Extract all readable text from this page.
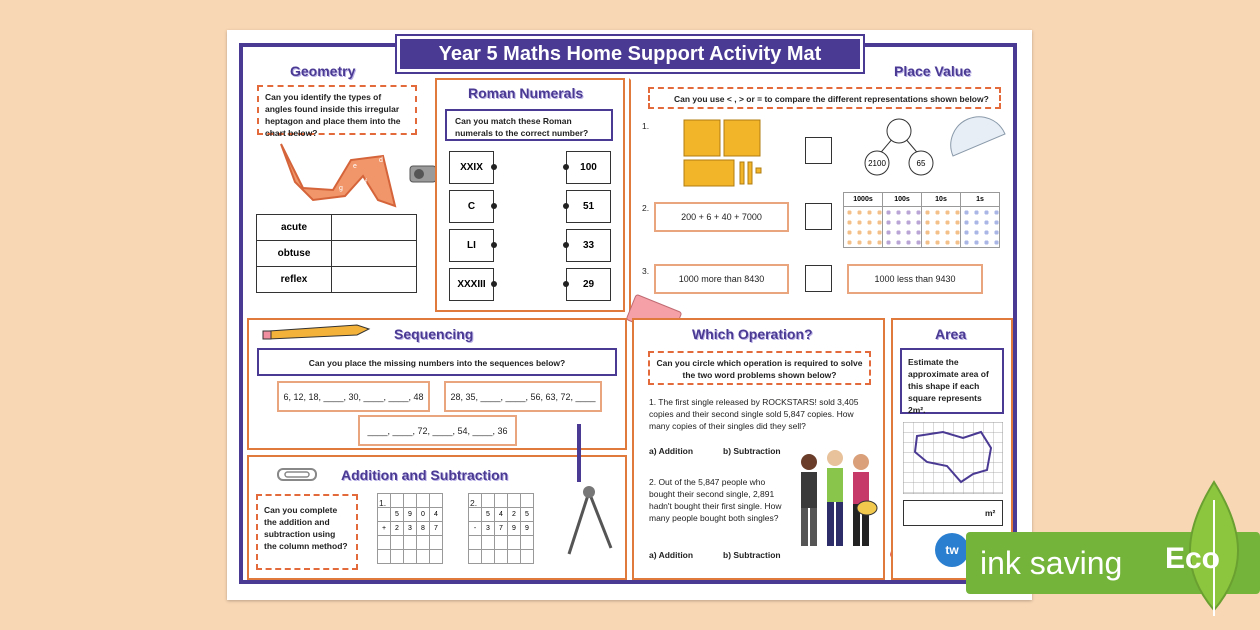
Year 5 Maths Home Support Activity Mat
Geometry
Can you identify the types of angles found inside this irregular heptagon and place them into the chart below?
a
b
c
d
e
f
g
acute	
obtuse	
reflex	
Roman Numerals
Can you match these Roman numerals to the correct number?
XXIX
C
LI
XXXIII
100
51
33
29
Place Value
Can you use < , > or = to compare the different representations shown below?
1.
2100	65
2.
200 + 6 + 40 + 7000
1000s	100s	10s	1s

3.
1000 more than 8430	1000 less than 9430
Sequencing
Can you place the missing numbers into the sequences below?
6, 12, 18, ____, 30, ____, ____, 48	28, 35, ____, ____, 56, 63, 72, ____
____, ____, 72, ____, 54, ____, 36
Addition and Subtraction
Can you complete the addition and subtraction using the column method?
1.

	5	9	0	4
+	2	3	8	7

2.

	5	4	2	5
-	3	7	9	9

Which Operation?
Can you circle which operation is required to solve the two word problems shown below?
1. The first single released by ROCKSTARS! sold 3,405 copies and their second single sold 5,847 copies. How many copies of their singles did they sell?
a) Addition	b) Subtraction
2. Out of the 5,847 people who bought their second single, 2,891 hadn't bought their first single. How many people bought both singles?
a) Addition	b) Subtraction
Area
Estimate the approximate area of this shape if each square represents 2m².
m²
tw ink saving Eco
